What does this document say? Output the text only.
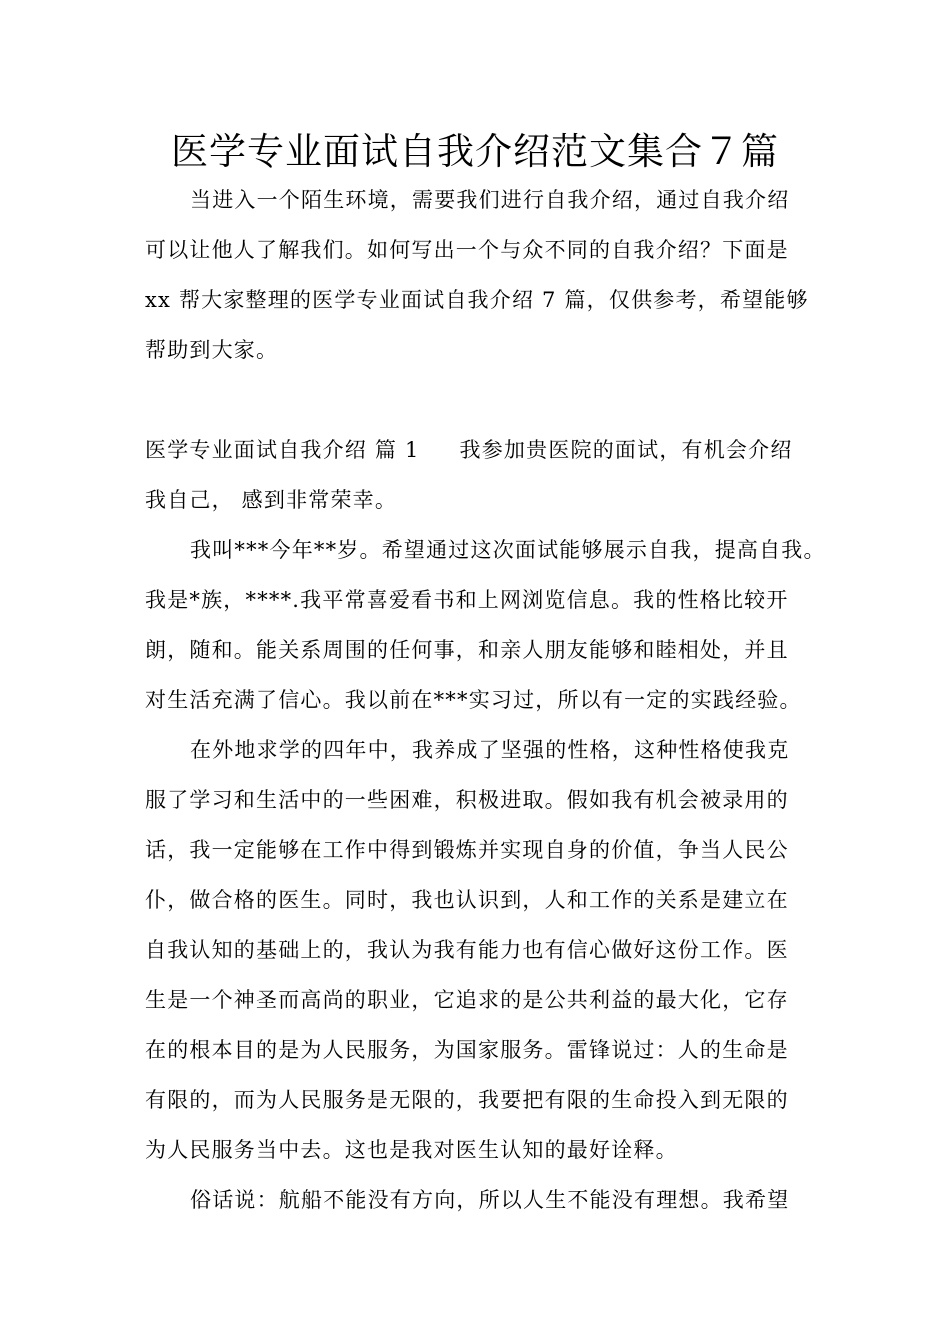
医学专业面试自我介绍范文集合７篇
当进入一个陌生环境，需要我们进行自我介绍，通过自我介绍
可以让他人了解我们。如何写出一个与众不同的自我介绍？下面是
xx 帮大家整理的医学专业面试自我介绍 7 篇，仅供参考，希望能够
帮助到大家。
医学专业面试自我介绍 篇 1 我参加贵医院的面试，有机会介绍
我自己， 感到非常荣幸。
我叫***今年**岁。希望通过这次面试能够展示自我，提高自我。
我是*族，****.我平常喜爱看书和上网浏览信息。我的性格比较开
朗，随和。能关系周围的任何事，和亲人朋友能够和睦相处，并且
对生活充满了信心。我以前在***实习过，所以有一定的实践经验。
在外地求学的四年中，我养成了坚强的性格，这种性格使我克
服了学习和生活中的一些困难，积极进取。假如我有机会被录用的
话，我一定能够在工作中得到锻炼并实现自身的价值，争当人民公
仆，做合格的医生。同时，我也认识到，人和工作的关系是建立在
自我认知的基础上的，我认为我有能力也有信心做好这份工作。医
生是一个神圣而高尚的职业，它追求的是公共利益的最大化，它存
在的根本目的是为人民服务，为国家服务。雷锋说过：人的生命是
有限的，而为人民服务是无限的，我要把有限的生命投入到无限的
为人民服务当中去。这也是我对医生认知的最好诠释。
俗话说：航船不能没有方向，所以人生不能没有理想。我希望
